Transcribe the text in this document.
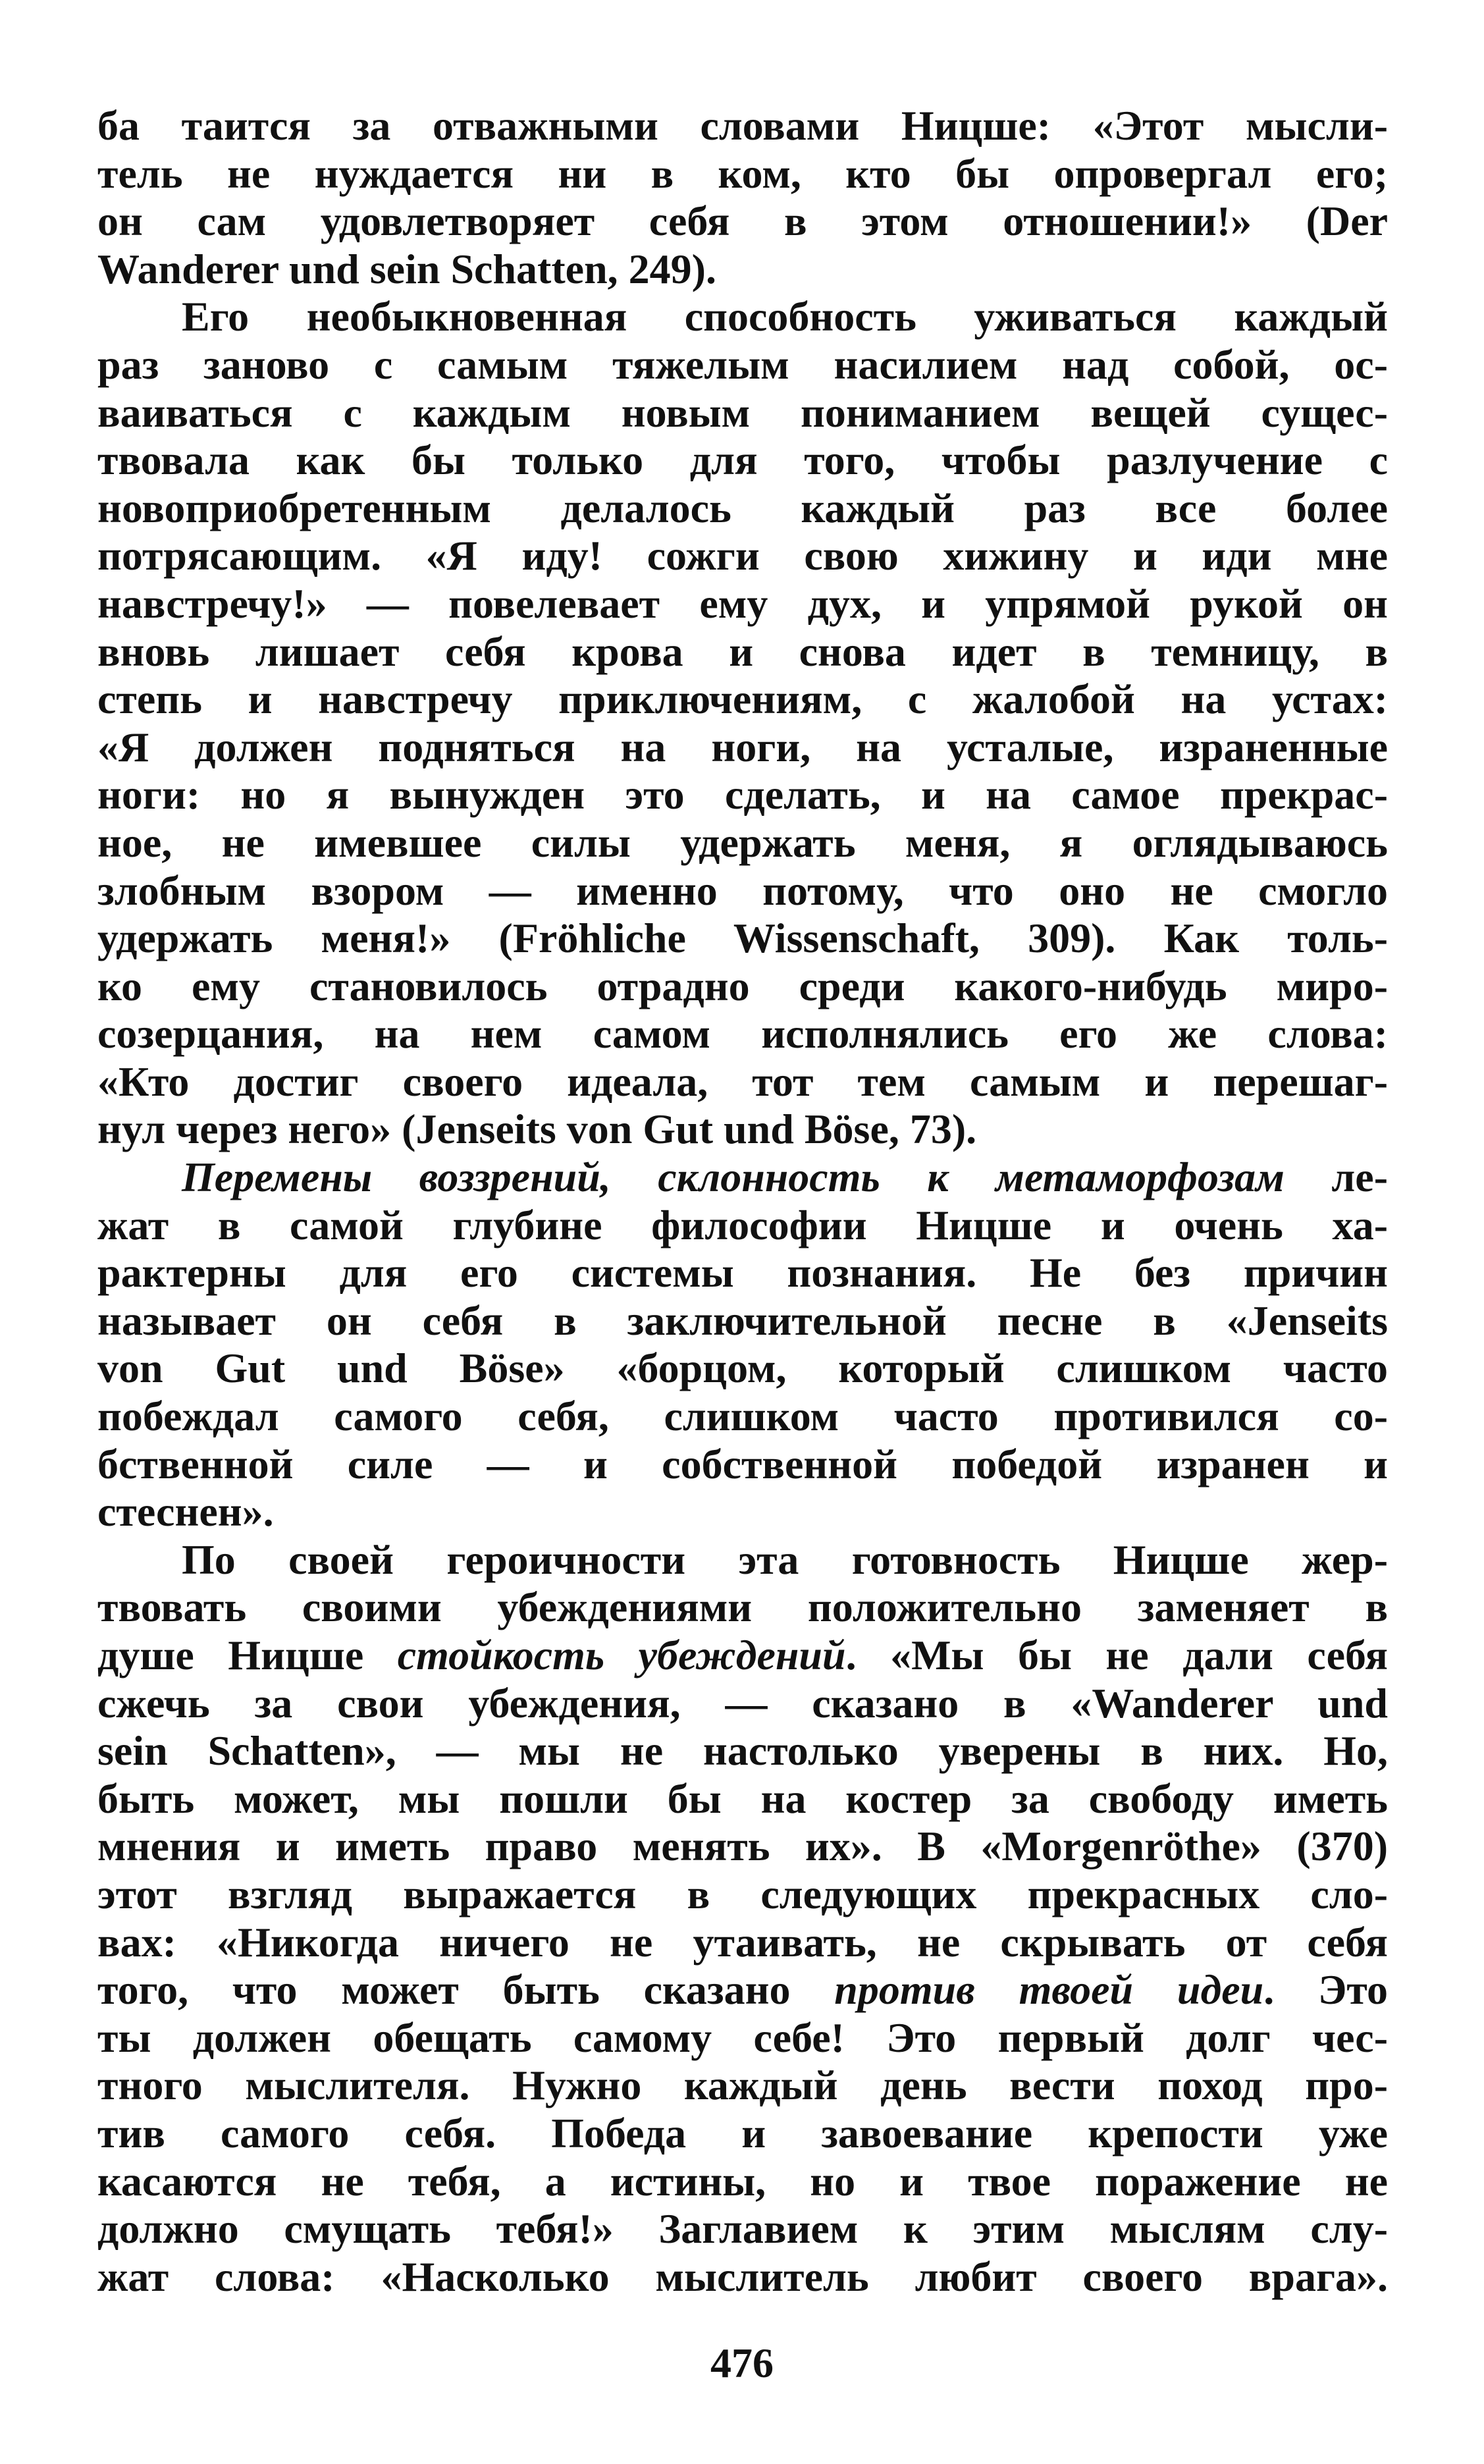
ба таится за отважными словами Ницше: «Этот мысли-
тель не нуждается ни в ком, кто бы опровергал его;
он сам удовлетворяет себя в этом отношении!» (Der
Wanderer und sein Schatten, 249).
Его необыкновенная способность уживаться каждый
раз заново с самым тяжелым насилием над собой, ос-
ваиваться с каждым новым пониманием вещей сущес-
твовала как бы только для того, чтобы разлучение с
новоприобретенным делалось каждый раз все более
потрясающим. «Я иду! сожги свою хижину и иди мне
навстречу!» — повелевает ему дух, и упрямой рукой он
вновь лишает себя крова и снова идет в темницу, в
степь и навстречу приключениям, с жалобой на устах:
«Я должен подняться на ноги, на усталые, израненные
ноги: но я вынужден это сделать, и на самое прекрас-
ное, не имевшее силы удержать меня, я оглядываюсь
злобным взором — именно потому, что оно не смогло
удержать меня!» (Fröhliche Wissenschaft, 309). Как толь-
ко ему становилось отрадно среди какого-нибудь миро-
созерцания, на нем самом исполнялись его же слова:
«Кто достиг своего идеала, тот тем самым и перешаг-
нул через него» (Jenseits von Gut und Böse, 73).
Перемены воззрений, склонность к метаморфозам ле-
жат в самой глубине философии Ницше и очень ха-
рактерны для его системы познания. Не без причин
называет он себя в заключительной песне в «Jenseits
von Gut und Böse» «борцом, который слишком часто
побеждал самого себя, слишком часто противился со-
бственной силе — и собственной победой изранен и
стеснен».
По своей героичности эта готовность Ницше жер-
твовать своими убеждениями положительно заменяет в
душе Ницше стойкость убеждений. «Мы бы не дали себя
сжечь за свои убеждения, — сказано в «Wanderer und
sein Schatten», — мы не настолько уверены в них. Но,
быть может, мы пошли бы на костер за свободу иметь
мнения и иметь право менять их». В «Morgenröthe» (370)
этот взгляд выражается в следующих прекрасных сло-
вах: «Никогда ничего не утаивать, не скрывать от себя
того, что может быть сказано против твоей идеи. Это
ты должен обещать самому себе! Это первый долг чес-
тного мыслителя. Нужно каждый день вести поход про-
тив самого себя. Победа и завоевание крепости уже
касаются не тебя, а истины, но и твое поражение не
должно смущать тебя!» Заглавием к этим мыслям слу-
жат слова: «Насколько мыслитель любит своего врага».
476
